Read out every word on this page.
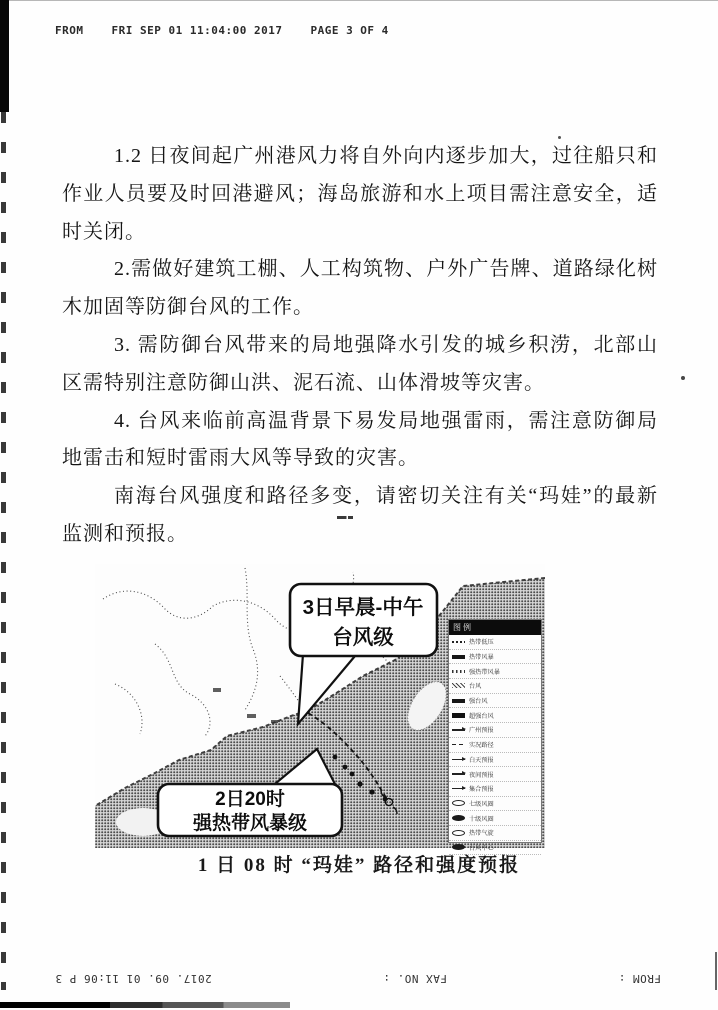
FROM	FRI SEP 01 11:04:00 2017	PAGE 3 OF 4

1.2 日夜间起广州港风力将自外向内逐步加大，过往船只和作业人员要及时回港避风；海岛旅游和水上项目需注意安全，适时关闭。

2.需做好建筑工棚、人工构筑物、户外广告牌、道路绿化树木加固等防御台风的工作。

3. 需防御台风带来的局地强降水引发的城乡积涝，北部山区需特别注意防御山洪、泥石流、山体滑坡等灾害。

4. 台风来临前高温背景下易发局地强雷雨，需注意防御局地雷击和短时雷雨大风等导致的灾害。

南海台风强度和路径多变，请密切关注有关“玛娃”的最新监测和预报。

3日早晨-中午
台风级
2日20时
强热带风暴级
图例
热带低压
热带风暴
强热带风暴
台风
强台风
超强台风
广州预报
实况路径
白天预报
夜间预报
集合预报
七级风圈
十级风圈
热带气旋
台风中心
1 日 08 时 “玛娃” 路径和强度预报
FROM :
FAX NO. :
2017. 09. 01 11:06 P 3
